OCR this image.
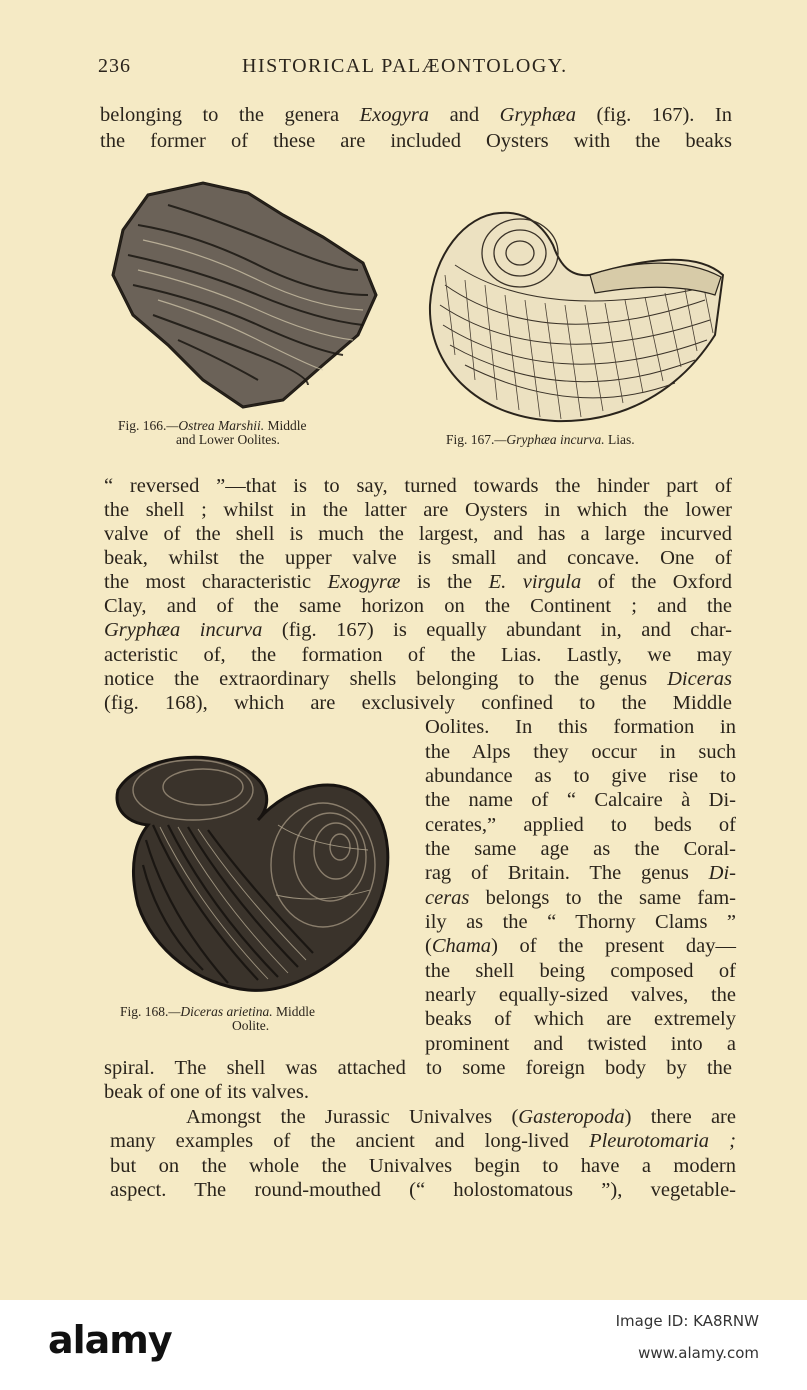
236	HISTORICAL PALÆONTOLOGY.
belonging to the genera Exogyra and Gryphæa (fig. 167). In
the former of these are included Oysters with the beaks
Fig. 166.—Ostrea Marshii. Middle
and Lower Oolites.	Fig. 167.—Gryphæa incurva. Lias.
“ reversed ”—that is to say, turned towards the hinder part of
the shell ; whilst in the latter are Oysters in which the lower
valve of the shell is much the largest, and has a large incurved
beak, whilst the upper valve is small and concave. One of
the most characteristic Exogyræ is the E. virgula of the Oxford
Clay, and of the same horizon on the Continent ; and the
Gryphæa incurva (fig. 167) is equally abundant in, and char-
acteristic of, the formation of the Lias. Lastly, we may
notice the extraordinary shells belonging to the genus Diceras
(fig. 168), which are exclusively confined to the Middle
Oolites. In this formation in
the Alps they occur in such
abundance as to give rise to
the name of “ Calcaire à Di-
cerates,” applied to beds of
the same age as the Coral-
rag of Britain. The genus Di-
ceras belongs to the same fam-
ily as the “ Thorny Clams ”
(Chama) of the present day—
the shell being composed of
nearly equally-sized valves, the
beaks of which are extremely
prominent and twisted into a
Fig. 168.—Diceras arietina. Middle
Oolite.
spiral. The shell was attached to some foreign body by the
beak of one of its valves.
Amongst the Jurassic Univalves (Gasteropoda) there are
many examples of the ancient and long-lived Pleurotomaria ;
but on the whole the Univalves begin to have a modern
aspect. The round-mouthed (“ holostomatous ”), vegetable-
alamy	Image ID: KA8RNW
www.alamy.com
